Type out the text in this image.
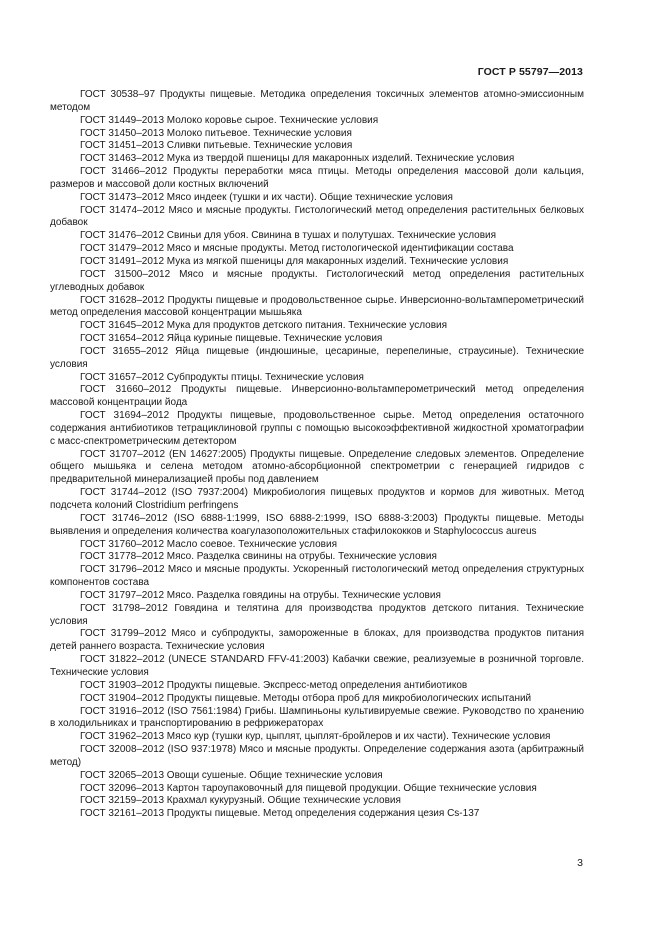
ГОСТ Р 55797—2013

ГОСТ 30538–97 Продукты пищевые. Методика определения токсичных элементов атомно-эмиссионным методом

ГОСТ 31449–2013 Молоко коровье сырое. Технические условия

ГОСТ 31450–2013 Молоко питьевое. Технические условия

ГОСТ 31451–2013 Сливки питьевые. Технические условия

ГОСТ 31463–2012 Мука из твердой пшеницы для макаронных изделий. Технические условия

ГОСТ 31466–2012 Продукты переработки мяса птицы. Методы определения массовой доли кальция, размеров и массовой доли костных включений

ГОСТ 31473–2012 Мясо индеек (тушки и их части). Общие технические условия

ГОСТ 31474–2012 Мясо и мясные продукты. Гистологический метод определения растительных белковых добавок

ГОСТ 31476–2012 Свиньи для убоя. Свинина в тушах и полутушах. Технические условия

ГОСТ 31479–2012 Мясо и мясные продукты. Метод гистологической идентификации состава

ГОСТ 31491–2012 Мука из мягкой пшеницы для макаронных изделий. Технические условия

ГОСТ 31500–2012 Мясо и мясные продукты. Гистологический метод определения растительных углеводных добавок

ГОСТ 31628–2012 Продукты пищевые и продовольственное сырье. Инверсионно-вольтамперометрический метод определения массовой концентрации мышьяка

ГОСТ 31645–2012 Мука для продуктов детского питания. Технические условия

ГОСТ 31654–2012 Яйца куриные пищевые. Технические условия

ГОСТ 31655–2012 Яйца пищевые (индюшиные, цесариные, перепелиные, страусиные). Технические условия

ГОСТ 31657–2012 Субпродукты птицы. Технические условия

ГОСТ 31660–2012 Продукты пищевые. Инверсионно-вольтамперометрический метод определения массовой концентрации йода

ГОСТ 31694–2012 Продукты пищевые, продовольственное сырье. Метод определения остаточного содержания антибиотиков тетрациклиновой группы с помощью высокоэффективной жидкостной хроматографии с масс-спектрометрическим детектором

ГОСТ 31707–2012 (EN 14627:2005) Продукты пищевые. Определение следовых элементов. Определение общего мышьяка и селена методом атомно-абсорбционной спектрометрии с генерацией гидридов с предварительной минерализацией пробы под давлением

ГОСТ 31744–2012 (ISO 7937:2004) Микробиология пищевых продуктов и кормов для животных. Метод подсчета колоний Clostridium perfringens

ГОСТ 31746–2012 (ISO 6888-1:1999, ISO 6888-2:1999, ISO 6888-3:2003) Продукты пищевые. Методы выявления и определения количества коагулазоположительных стафилококков и Staphylococcus aureus

ГОСТ 31760–2012 Масло соевое. Технические условия

ГОСТ 31778–2012 Мясо. Разделка свинины на отрубы. Технические условия

ГОСТ 31796–2012 Мясо и мясные продукты. Ускоренный гистологический метод определения структурных компонентов состава

ГОСТ 31797–2012 Мясо. Разделка говядины на отрубы. Технические условия

ГОСТ 31798–2012 Говядина и телятина для производства продуктов детского питания. Технические условия

ГОСТ 31799–2012 Мясо и субпродукты, замороженные в блоках, для производства продуктов питания детей раннего возраста. Технические условия

ГОСТ 31822–2012 (UNECE STANDARD FFV-41:2003) Кабачки свежие, реализуемые в розничной торговле. Технические условия

ГОСТ 31903–2012 Продукты пищевые. Экспресс-метод определения антибиотиков

ГОСТ 31904–2012 Продукты пищевые. Методы отбора проб для микробиологических испытаний

ГОСТ 31916–2012 (ISO 7561:1984) Грибы. Шампиньоны культивируемые свежие. Руководство по хранению в холодильниках и транспортированию в рефрижераторах

ГОСТ 31962–2013 Мясо кур (тушки кур, цыплят, цыплят-бройлеров и их части). Технические условия

ГОСТ 32008–2012 (ISO 937:1978) Мясо и мясные продукты. Определение содержания азота (арбитражный метод)

ГОСТ 32065–2013 Овощи сушеные. Общие технические условия

ГОСТ 32096–2013 Картон тароупаковочный для пищевой продукции. Общие технические условия

ГОСТ 32159–2013 Крахмал кукурузный. Общие технические условия

ГОСТ 32161–2013 Продукты пищевые. Метод определения содержания цезия Cs-137

3
